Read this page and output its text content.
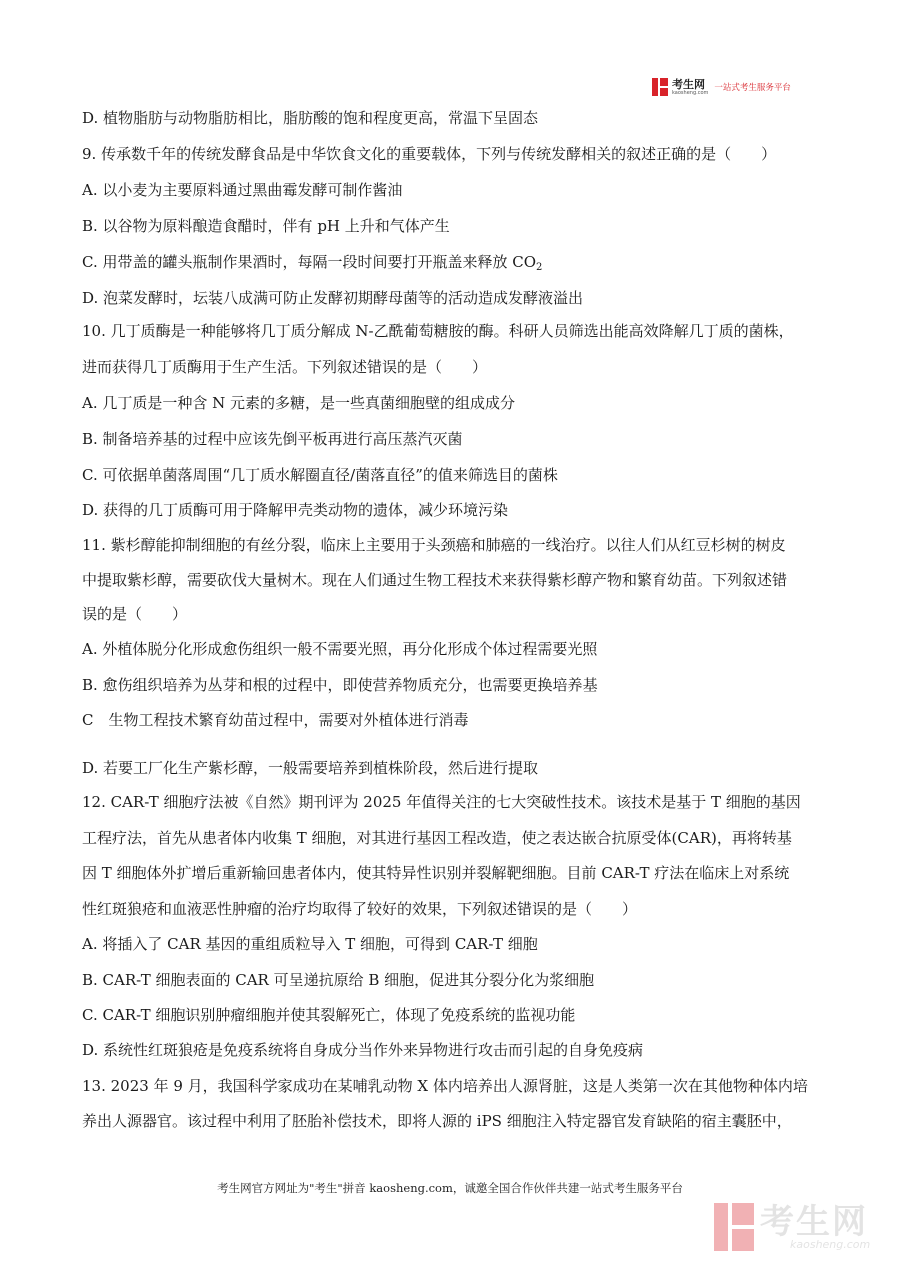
考生网
kaosheng.com 一站式考生服务平台
D. 植物脂肪与动物脂肪相比，脂肪酸的饱和程度更高，常温下呈固态
9. 传承数千年的传统发酵食品是中华饮食文化的重要载体，下列与传统发酵相关的叙述正确的是（　　）
A. 以小麦为主要原料通过黑曲霉发酵可制作酱油
B. 以谷物为原料酿造食醋时，伴有 pH 上升和气体产生
C. 用带盖的罐头瓶制作果酒时，每隔一段时间要打开瓶盖来释放 $CO_2$
D. 泡菜发酵时，坛装八成满可防止发酵初期酵母菌等的活动造成发酵液溢出
10. 几丁质酶是一种能够将几丁质分解成 N-乙酰葡萄糖胺的酶。科研人员筛选出能高效降解几丁质的菌株，
进而获得几丁质酶用于生产生活。下列叙述错误的是（　　）
A. 几丁质是一种含 N 元素的多糖，是一些真菌细胞壁的组成成分
B. 制备培养基的过程中应该先倒平板再进行高压蒸汽灭菌
C. 可依据单菌落周围“几丁质水解圈直径/菌落直径”的值来筛选目的菌株
D. 获得的几丁质酶可用于降解甲壳类动物的遗体，减少环境污染
11. 紫杉醇能抑制细胞的有丝分裂，临床上主要用于头颈癌和肺癌的一线治疗。以往人们从红豆杉树的树皮
中提取紫杉醇，需要砍伐大量树木。现在人们通过生物工程技术来获得紫杉醇产物和繁育幼苗。下列叙述错
误的是（　　）
A. 外植体脱分化形成愈伤组织一般不需要光照，再分化形成个体过程需要光照
B. 愈伤组织培养为丛芽和根的过程中，即使营养物质充分，也需要更换培养基
C　生物工程技术繁育幼苗过程中，需要对外植体进行消毒
D. 若要工厂化生产紫杉醇，一般需要培养到植株阶段，然后进行提取
12. CAR-T 细胞疗法被《自然》期刊评为 2025 年值得关注的七大突破性技术。该技术是基于 T 细胞的基因
工程疗法，首先从患者体内收集 T 细胞，对其进行基因工程改造，使之表达嵌合抗原受体(CAR)，再将转基
因 T 细胞体外扩增后重新输回患者体内，使其特异性识别并裂解靶细胞。目前 CAR-T 疗法在临床上对系统
性红斑狼疮和血液恶性肿瘤的治疗均取得了较好的效果，下列叙述错误的是（　　）
A. 将插入了 CAR 基因的重组质粒导入 T 细胞，可得到 CAR-T 细胞
B. CAR-T 细胞表面的 CAR 可呈递抗原给 B 细胞，促进其分裂分化为浆细胞
C. CAR-T 细胞识别肿瘤细胞并使其裂解死亡，体现了免疫系统的监视功能
D. 系统性红斑狼疮是免疫系统将自身成分当作外来异物进行攻击而引起的自身免疫病
13. 2023 年 9 月，我国科学家成功在某哺乳动物 X 体内培养出人源肾脏，这是人类第一次在其他物种体内培
养出人源器官。该过程中利用了胚胎补偿技术，即将人源的 iPS 细胞注入特定器官发育缺陷的宿主囊胚中，
考生网官方网址为"考生"拼音 kaosheng.com，诚邀全国合作伙伴共建一站式考生服务平台
考生网
kaosheng.com
